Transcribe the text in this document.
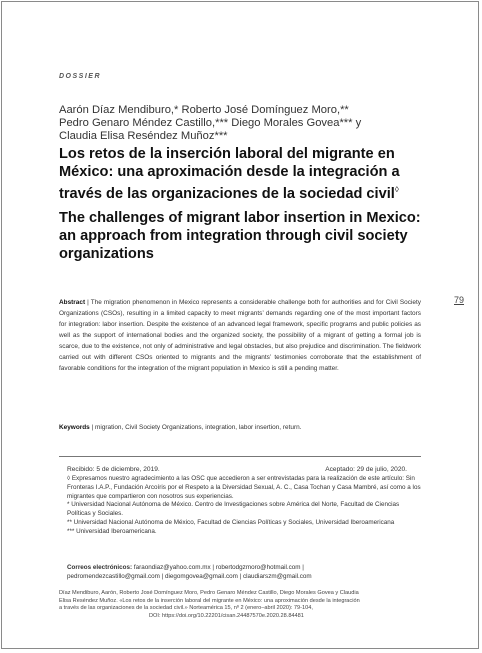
DOSSIER
Aarón Díaz Mendiburo,* Roberto José Domínguez Moro,**
Pedro Genaro Méndez Castillo,*** Diego Morales Govea*** y
Claudia Elisa Reséndez Muñoz***
Los retos de la inserción laboral del migrante en
México: una aproximación desde la integración a
través de las organizaciones de la sociedad civil◊
The challenges of migrant labor insertion in Mexico:
an approach from integration through civil society
organizations
79
Abstract | The migration phenomenon in Mexico represents a considerable challenge both for authorities and for Civil Society Organizations (CSOs), resulting in a limited capacity to meet migrants’ demands regarding one of the most important factors for integration: labor insertion. Despite the existence of an advanced legal framework, specific programs and public policies as well as the support of international bodies and the organized society, the possibility of a migrant of getting a formal job is scarce, due to the existence, not only of administrative and legal obstacles, but also prejudice and discrimination. The fieldwork carried out with different CSOs oriented to migrants and the migrants’ testimonies corroborate that the establishment of favorable conditions for the integration of the migrant population in Mexico is still a pending matter.
Keywords | migration, Civil Society Organizations, integration, labor insertion, return.
Recibido: 5 de diciembre, 2019.	Aceptado: 29 de julio, 2020.
◊ Expresamos nuestro agradecimiento a las OSC que accedieron a ser entrevistadas para la realización de este artículo: Sin Fronteras I.A.P., Fundación Arcoíris por el Respeto a la Diversidad Sexual, A. C., Casa Tochan y Casa Mambré, así como a los migrantes que compartieron con nosotros sus experiencias.
* Universidad Nacional Autónoma de México. Centro de Investigaciones sobre América del Norte, Facultad de Ciencias Políticas y Sociales.
** Universidad Nacional Autónoma de México, Facultad de Ciencias Políticas y Sociales, Universidad Iberoamericana
*** Universidad Iberoamericana.
Correos electrónicos: faraondiaz@yahoo.com.mx | robertodgzmoro@hotmail.com |
pedromendezcastillo@gmail.com | diegomgovea@gmail.com | claudiarszm@gmail.com
Díaz Mendiburo, Aarón, Roberto José Domínguez Moro, Pedro Genaro Méndez Castillo, Diego Morales Govea y Claudia
Elisa Reséndez Muñoz. «Los retos de la inserción laboral del migrante en México: una aproximación desde la integración
a través de las organizaciones de la sociedad civil.» Norteamérica 15, nº 2 (enero–abril 2020): 79-104,
DOI: https://doi.org/10.22201/cisan.24487570e.2020.28.84481
